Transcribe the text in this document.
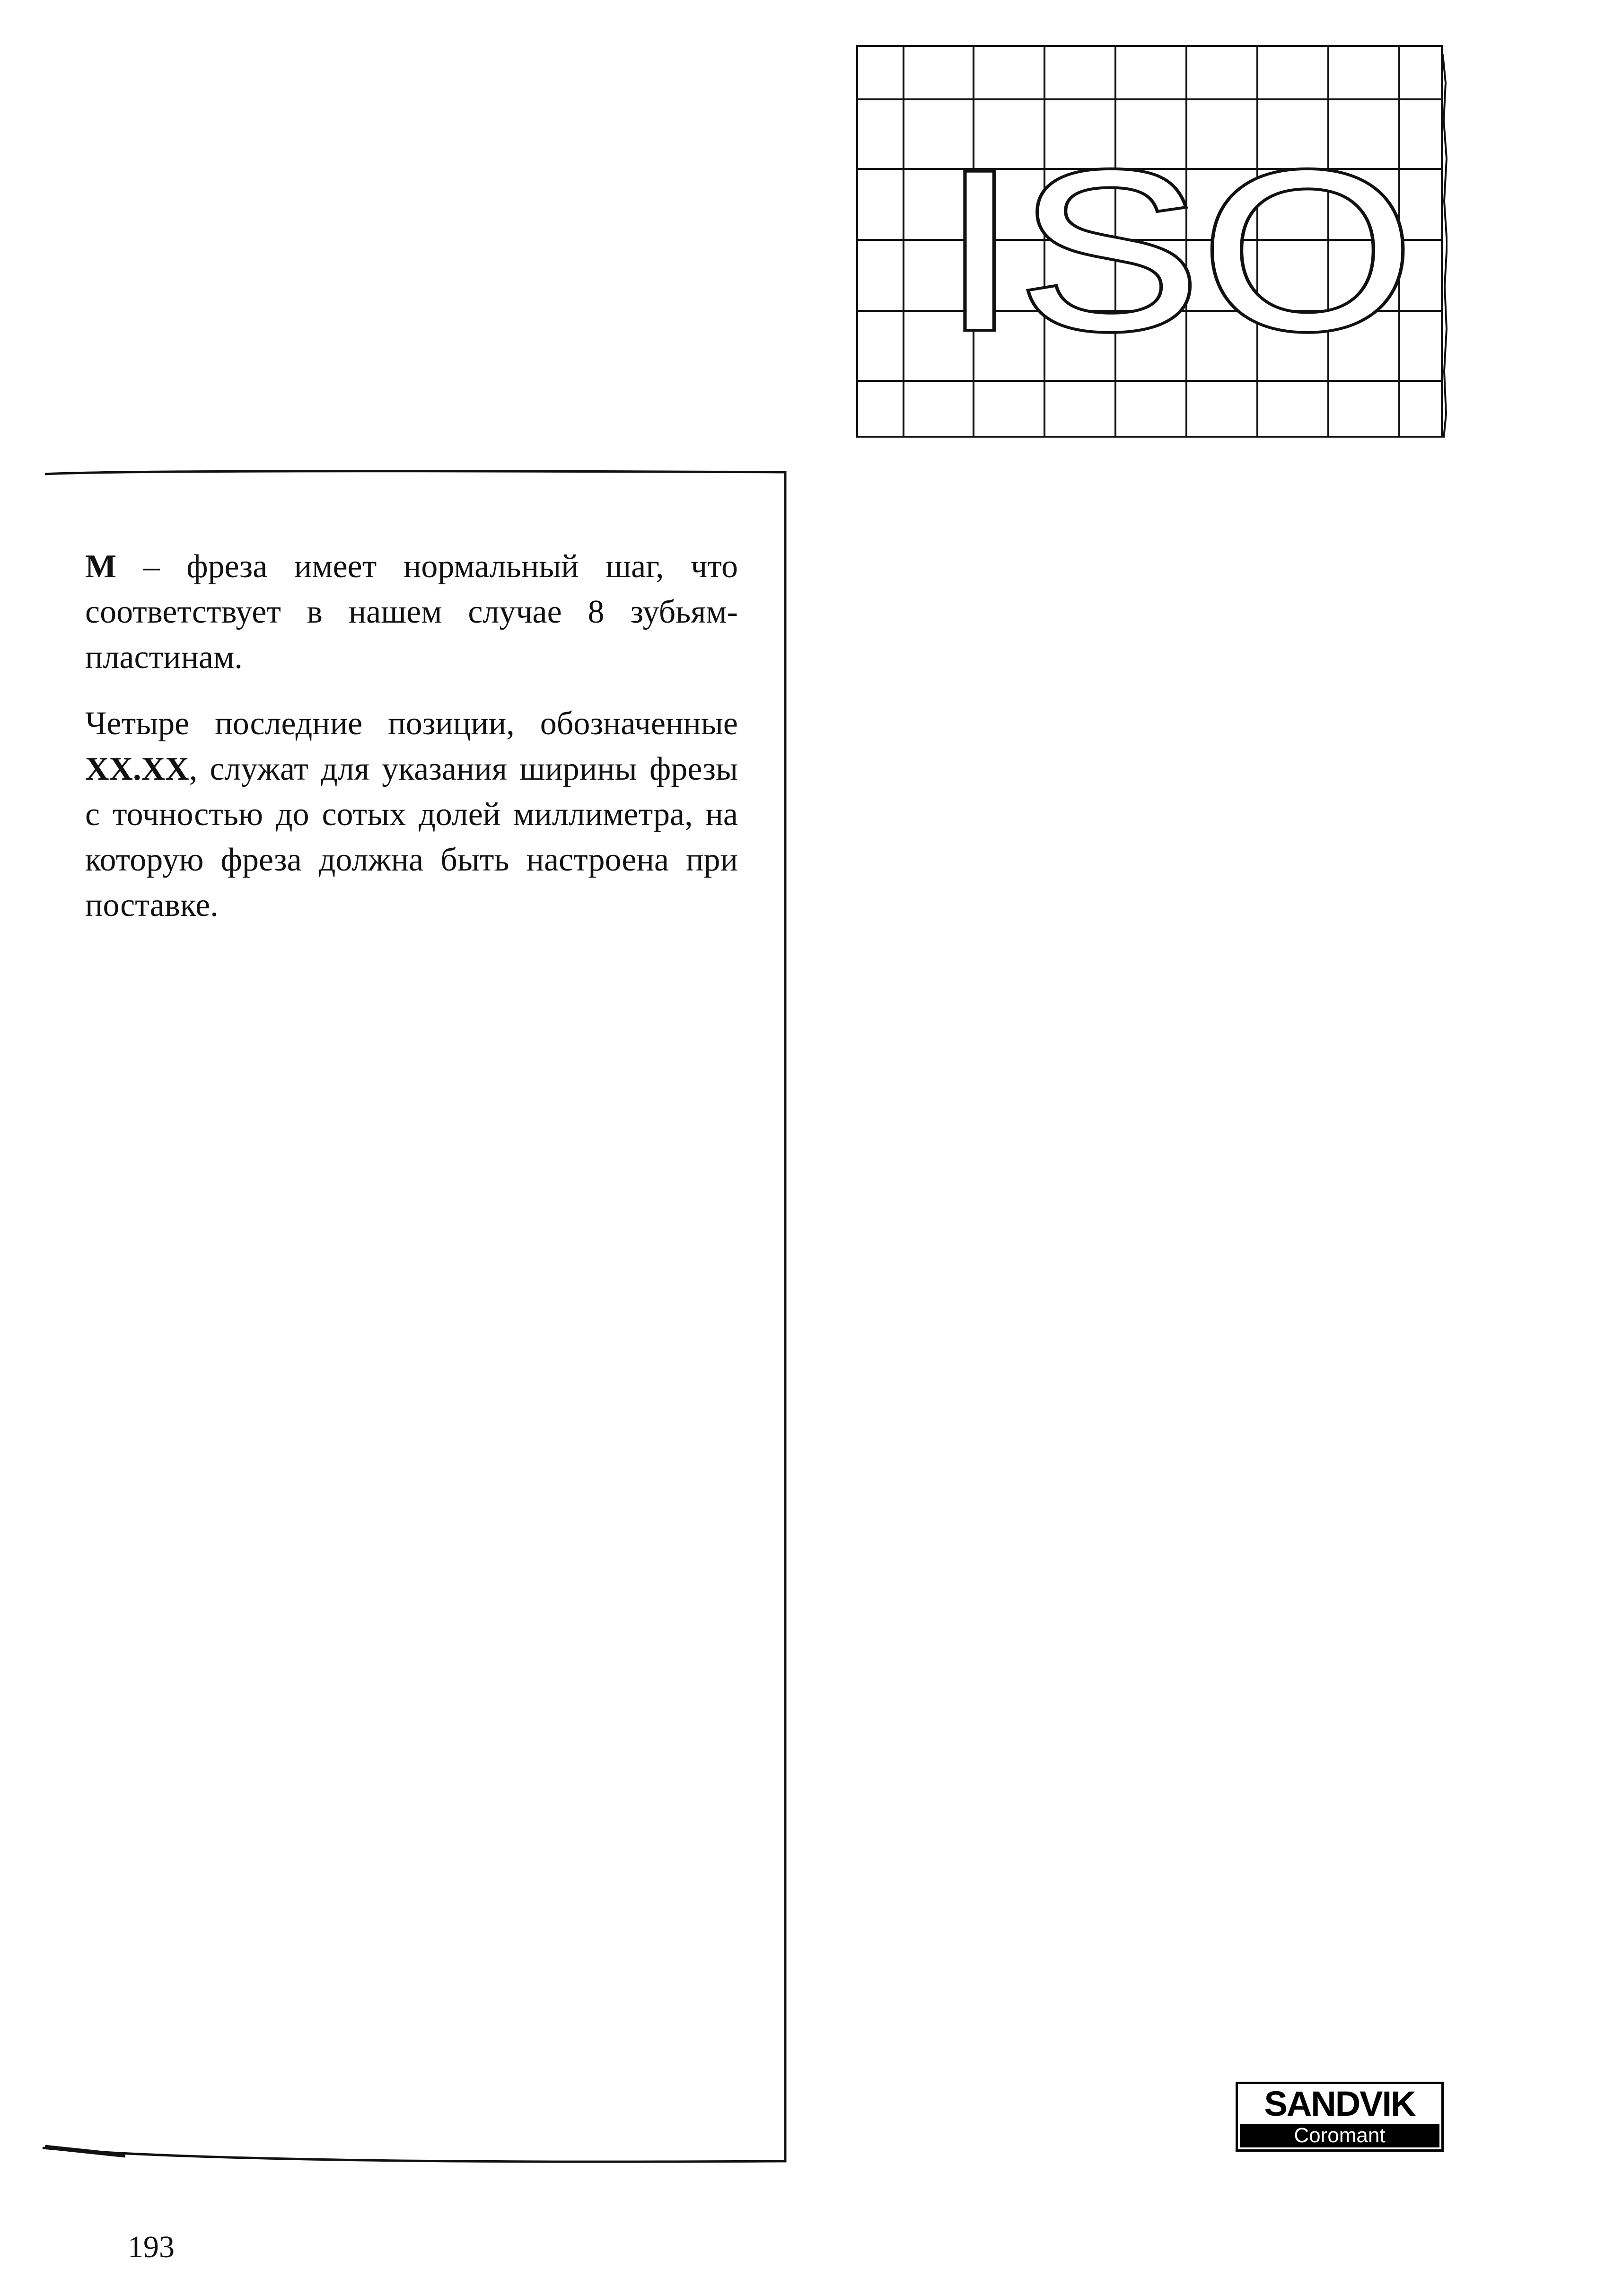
ISO

M – фреза имеет нормальный шаг, что соответствует в нашем случае 8 зубьям-пластинам.

Четыре последние позиции, обозначенные XX.XX, служат для указания ширины фрезы с точностью до сотых долей миллиметра, на которую фреза должна быть настроена при поставке.

SANDVIK
Coromant
193
